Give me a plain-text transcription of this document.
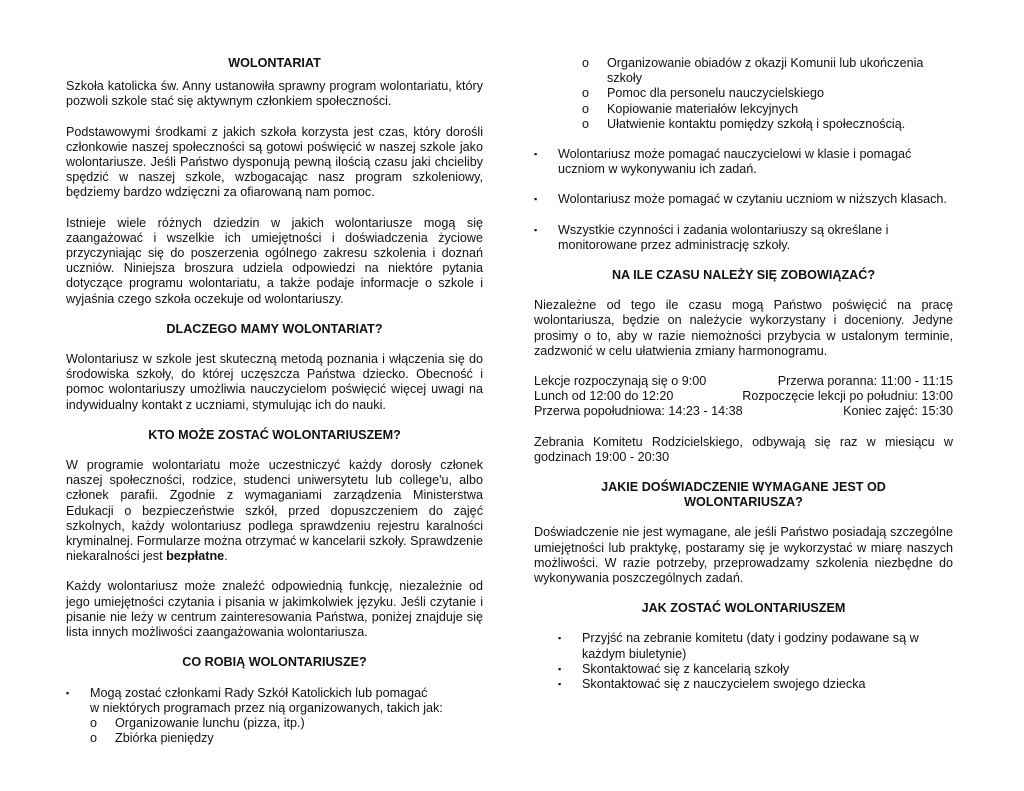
WOLONTARIAT

Szkoła katolicka św. Anny ustanowiła sprawny program wolontariatu, który pozwoli szkole stać się aktywnym członkiem społeczności.

Podstawowymi środkami z jakich szkoła korzysta jest czas, który dorośli członkowie naszej społeczności są gotowi poświęcić w naszej szkole jako wolontariusze. Jeśli Państwo dysponują pewną ilością czasu jaki chcieliby spędzić w naszej szkole, wzbogacając nasz program szkoleniowy, będziemy bardzo wdzięczni za ofiarowaną nam pomoc.

Istnieje wiele różnych dziedzin w jakich wolontariusze mogą się zaangażować i wszelkie ich umiejętności i doświadczenia życiowe przyczyniając się do poszerzenia ogólnego zakresu szkolenia i doznań uczniów. Niniejsza broszura udziela odpowiedzi na niektóre pytania dotyczące programu wolontariatu, a także podaje informacje o szkole i wyjaśnia czego szkoła oczekuje od wolontariuszy.

DLACZEGO MAMY WOLONTARIAT?

Wolontariusz w szkole jest skuteczną metodą poznania i włączenia się do środowiska szkoły, do której uczęszcza Państwa dziecko. Obecność i pomoc wolontariuszy umożliwia nauczycielom poświęcić więcej uwagi na indywidualny kontakt z uczniami, stymulując ich do nauki.

KTO MOŻE ZOSTAĆ WOLONTARIUSZEM?

W programie wolontariatu może uczestniczyć każdy dorosły członek naszej społeczności, rodzice, studenci uniwersytetu lub college'u, albo członek parafii. Zgodnie z wymaganiami zarządzenia Ministerstwa Edukacji o bezpieczeństwie szkół, przed dopuszczeniem do zajęć szkolnych, każdy wolontariusz podlega sprawdzeniu rejestru karalności kryminalnej. Formularze można otrzymać w kancelarii szkoły. Sprawdzenie niekaralności jest bezpłatne.

Każdy wolontariusz może znaleźć odpowiednią funkcję, niezależnie od jego umiejętności czytania i pisania w jakimkolwiek języku. Jeśli czytanie i pisanie nie leży w centrum zainteresowania Państwa, poniżej znajduje się lista innych możliwości zaangażowania wolontariusza.

CO ROBIĄ WOLONTARIUSZE?
▪ Mogą zostać członkami Rady Szkół Katolickich lub pomagać
w niektórych programach przez nią organizowanych, takich jak:
o Organizowanie lunchu (pizza, itp.)
o Zbiórka pieniędzy
o Organizowanie obiadów z okazji Komunii lub ukończenia szkoły
o Pomoc dla personelu nauczycielskiego
o Kopiowanie materiałów lekcyjnych
o Ułatwienie kontaktu pomiędzy szkołą i społecznością.
▪ Wolontariusz może pomagać nauczycielowi w klasie i pomagać uczniom w wykonywaniu ich zadań.
▪ Wolontariusz może pomagać w czytaniu uczniom w niższych klasach.
▪ Wszystkie czynności i zadania wolontariuszy są określane i monitorowane przez administrację szkoły.
NA ILE CZASU NALEŻY SIĘ ZOBOWIĄZAĆ?

Niezależne od tego ile czasu mogą Państwo poświęcić na pracę wolontariusza, będzie on należycie wykorzystany i doceniony. Jedyne prosimy o to, aby w razie niemożności przybycia w ustalonym terminie, zadzwonić w celu ułatwienia zmiany harmonogramu.

Lekcje rozpoczynają się o 9:00	Przerwa poranna: 11:00 - 11:15
Lunch od 12:00 do 12:20	Rozpoczęcie lekcji po południu: 13:00
Przerwa popołudniowa: 14:23 - 14:38	Koniec zajęć: 15:30

Zebrania Komitetu Rodzicielskiego, odbywają się raz w miesiącu w godzinach 19:00 - 20:30

JAKIE DOŚWIADCZENIE WYMAGANE JEST OD
WOLONTARIUSZA?

Doświadczenie nie jest wymagane, ale jeśli Państwo posiadają szczególne umiejętności lub praktykę, postaramy się je wykorzystać w miarę naszych możliwości. W razie potrzeby, przeprowadzamy szkolenia niezbędne do wykonywania poszczególnych zadań.

JAK ZOSTAĆ WOLONTARIUSZEM
▪ Przyjść na zebranie komitetu (daty i godziny podawane są w każdym biuletynie)
▪ Skontaktować się z kancelarią szkoły
▪ Skontaktować się z nauczycielem swojego dziecka
